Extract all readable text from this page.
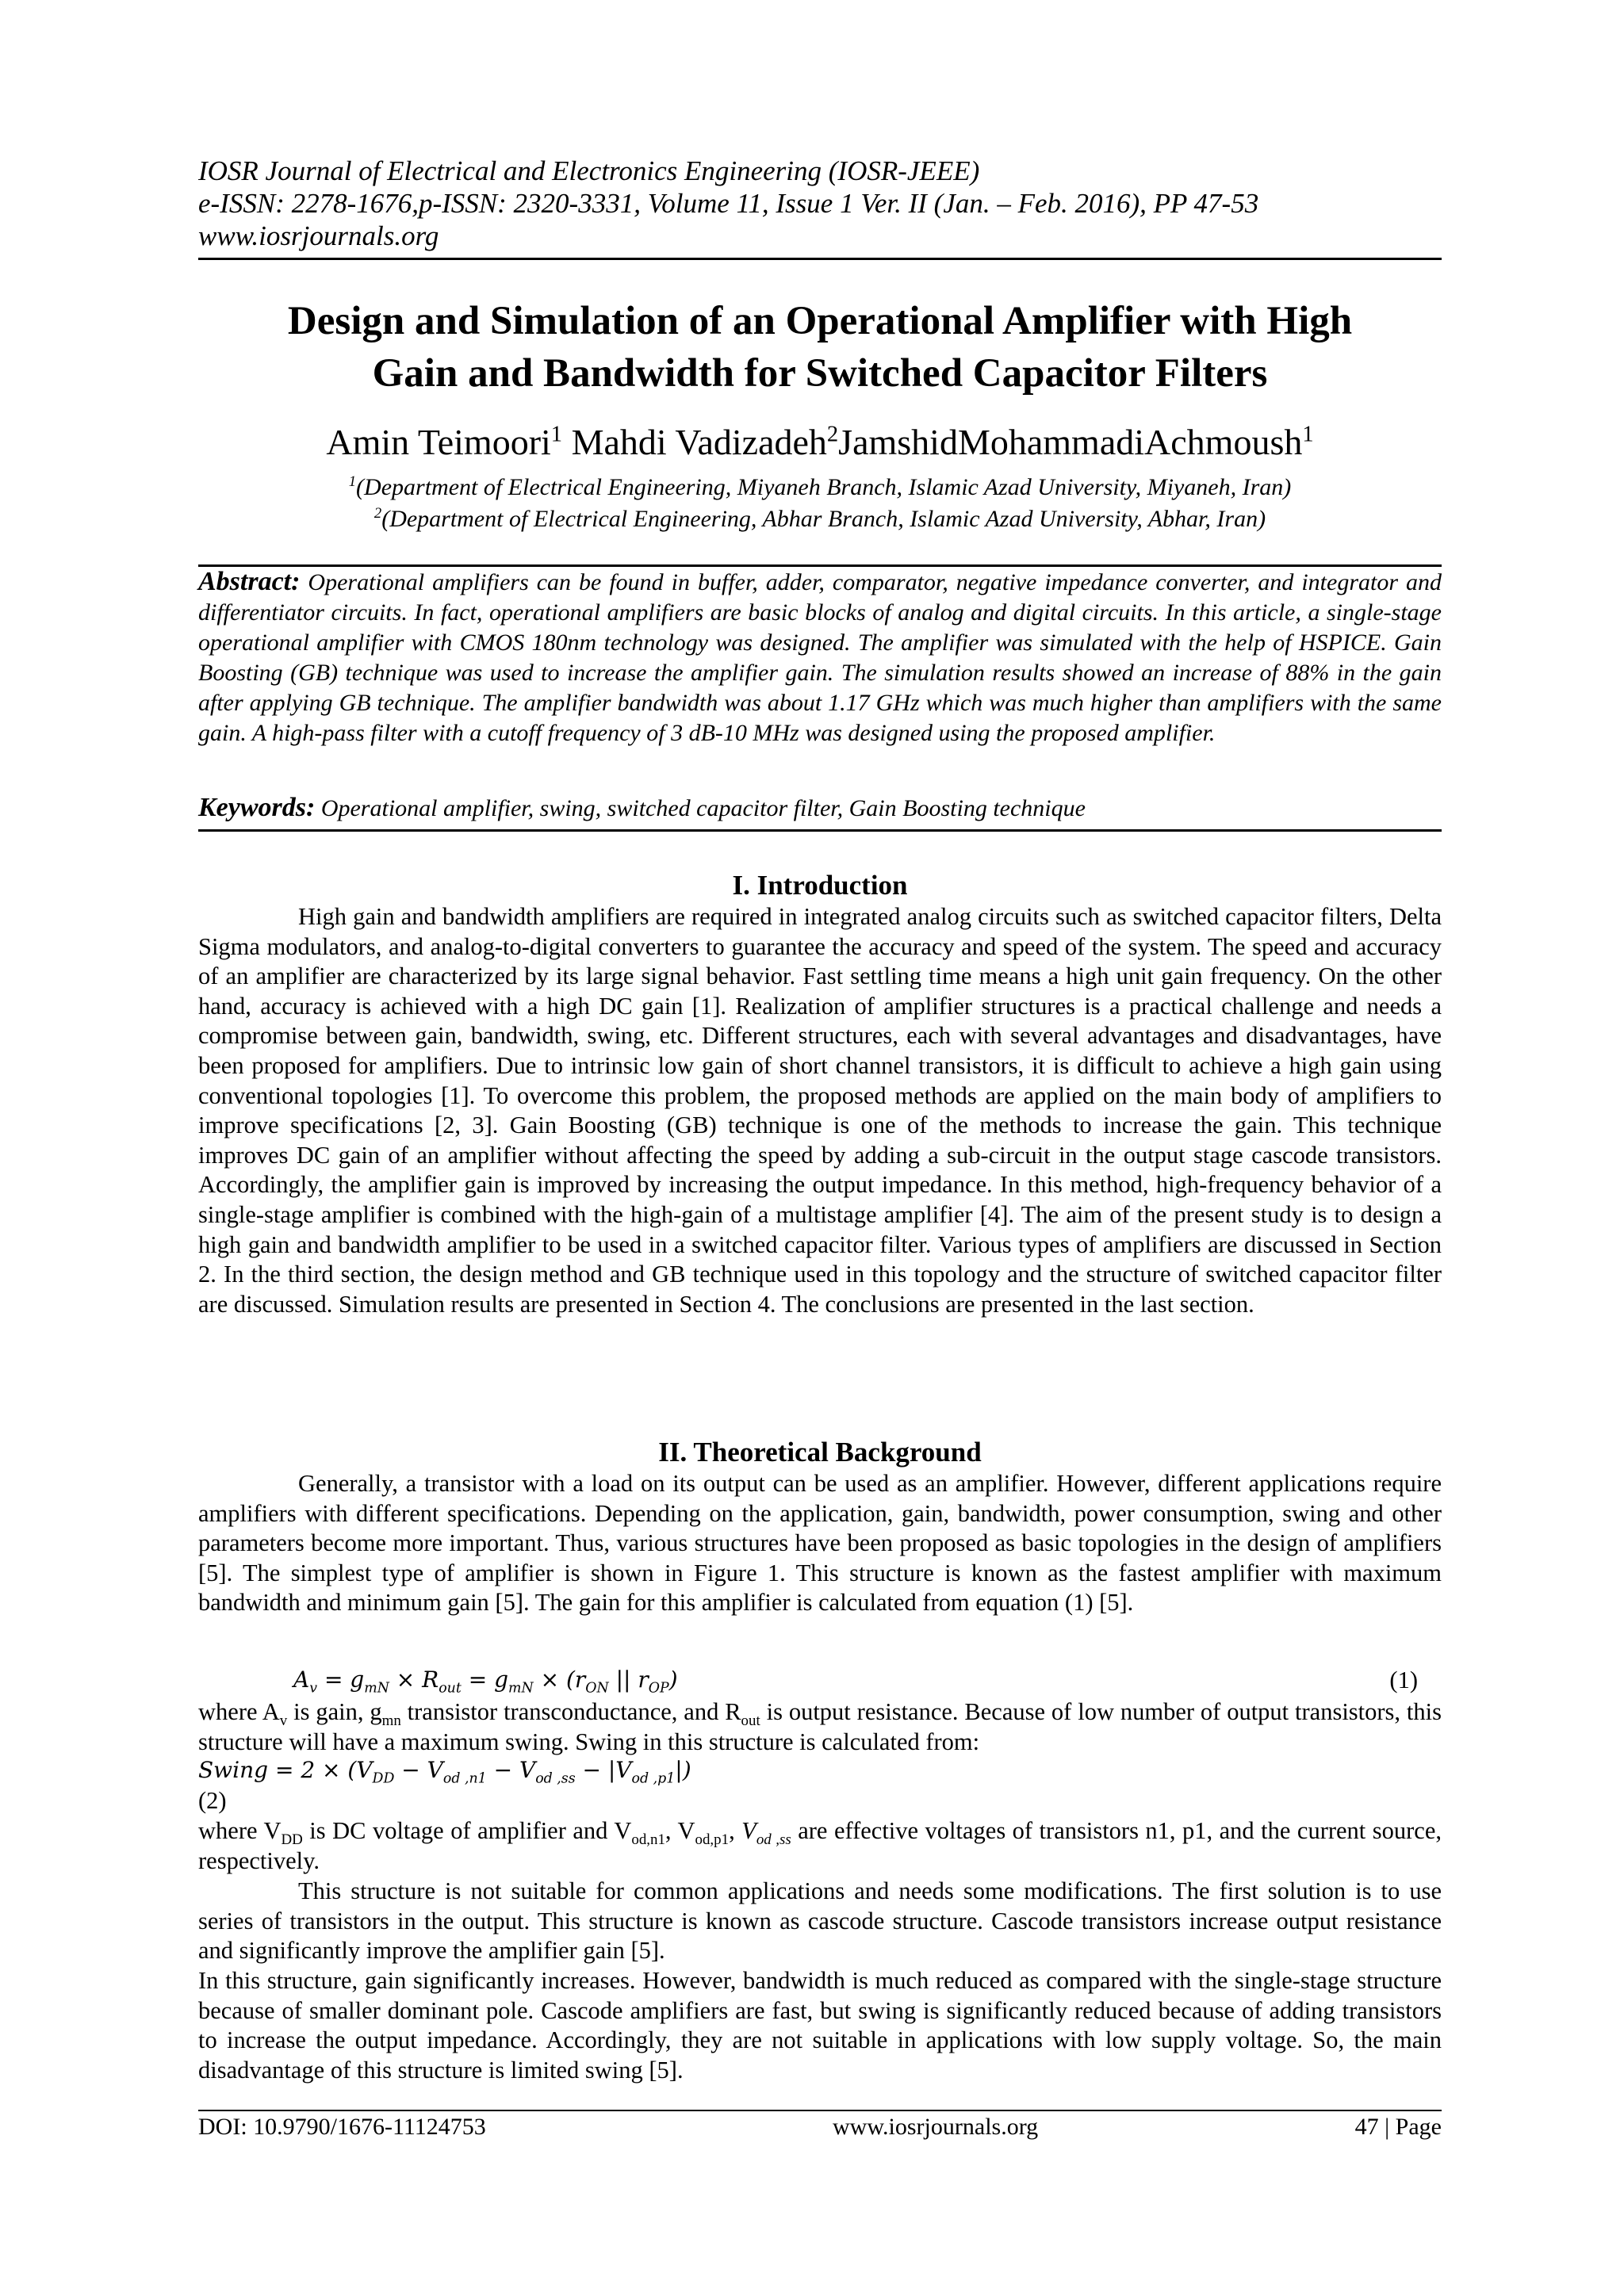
IOSR Journal of Electrical and Electronics Engineering (IOSR-JEEE)
e-ISSN: 2278-1676,p-ISSN: 2320-3331, Volume 11, Issue 1 Ver. II (Jan. – Feb. 2016), PP 47-53
www.iosrjournals.org
Design and Simulation of an Operational Amplifier with High
Gain and Bandwidth for Switched Capacitor Filters
Amin Teimoori$^1$ Mahdi Vadizadeh$^2$JamshidMohammadiAchmoush$^1$
$^1$(Department of Electrical Engineering, Miyaneh Branch, Islamic Azad University, Miyaneh, Iran)
$^2$(Department of Electrical Engineering, Abhar Branch, Islamic Azad University, Abhar, Iran)
Abstract: Operational amplifiers can be found in buffer, adder, comparator, negative impedance converter, and integrator and differentiator circuits. In fact, operational amplifiers are basic blocks of analog and digital circuits. In this article, a single-stage operational amplifier with CMOS 180nm technology was designed. The amplifier was simulated with the help of HSPICE. Gain Boosting (GB) technique was used to increase the amplifier gain. The simulation results showed an increase of 88% in the gain after applying GB technique. The amplifier bandwidth was about 1.17 GHz which was much higher than amplifiers with the same gain. A high-pass filter with a cutoff frequency of 3 dB-10 MHz was designed using the proposed amplifier.
Keywords: Operational amplifier, swing, switched capacitor filter, Gain Boosting technique
I. Introduction
High gain and bandwidth amplifiers are required in integrated analog circuits such as switched capacitor filters, Delta Sigma modulators, and analog-to-digital converters to guarantee the accuracy and speed of the system. The speed and accuracy of an amplifier are characterized by its large signal behavior. Fast settling time means a high unit gain frequency. On the other hand, accuracy is achieved with a high DC gain [1]. Realization of amplifier structures is a practical challenge and needs a compromise between gain, bandwidth, swing, etc. Different structures, each with several advantages and disadvantages, have been proposed for amplifiers. Due to intrinsic low gain of short channel transistors, it is difficult to achieve a high gain using conventional topologies [1]. To overcome this problem, the proposed methods are applied on the main body of amplifiers to improve specifications [2, 3]. Gain Boosting (GB) technique is one of the methods to increase the gain. This technique improves DC gain of an amplifier without affecting the speed by adding a sub-circuit in the output stage cascode transistors. Accordingly, the amplifier gain is improved by increasing the output impedance. In this method, high-frequency behavior of a single-stage amplifier is combined with the high-gain of a multistage amplifier [4]. The aim of the present study is to design a high gain and bandwidth amplifier to be used in a switched capacitor filter. Various types of amplifiers are discussed in Section 2. In the third section, the design method and GB technique used in this topology and the structure of switched capacitor filter are discussed. Simulation results are presented in Section 4. The conclusions are presented in the last section.
II. Theoretical Background
Generally, a transistor with a load on its output can be used as an amplifier. However, different applications require amplifiers with different specifications. Depending on the application, gain, bandwidth, power consumption, swing and other parameters become more important. Thus, various structures have been proposed as basic topologies in the design of amplifiers [5]. The simplest type of amplifier is shown in Figure 1. This structure is known as the fastest amplifier with maximum bandwidth and minimum gain [5]. The gain for this amplifier is calculated from equation (1) [5].
$A_v = g_{mN} \times R_{out} = g_{mN} \times (r_{ON}$ || $r_{OP}$)	(1)
where $A_v$ is gain, $g_{mn}$ transistor transconductance, and $R_{out}$ is output resistance. Because of low number of output transistors, this structure will have a maximum swing. Swing in this structure is calculated from:
Swing = $2 \times (V_{DD} - V_{od ,n1} - V_{od ,ss} - |V_{od ,p1}|)$
(2)
where $V_{DD}$ is DC voltage of amplifier and $V_{od,n1}$, $V_{od,p1}$, $V_{od ,ss}$ are effective voltages of transistors n1, p1, and the current source, respectively.
This structure is not suitable for common applications and needs some modifications. The first solution is to use series of transistors in the output. This structure is known as cascode structure. Cascode transistors increase output resistance and significantly improve the amplifier gain [5].
In this structure, gain significantly increases. However, bandwidth is much reduced as compared with the single-stage structure because of smaller dominant pole. Cascode amplifiers are fast, but swing is significantly reduced because of adding transistors to increase the output impedance. Accordingly, they are not suitable in applications with low supply voltage. So, the main disadvantage of this structure is limited swing [5].
DOI: 10.9790/1676-11124753	www.iosrjournals.org	47 | Page
